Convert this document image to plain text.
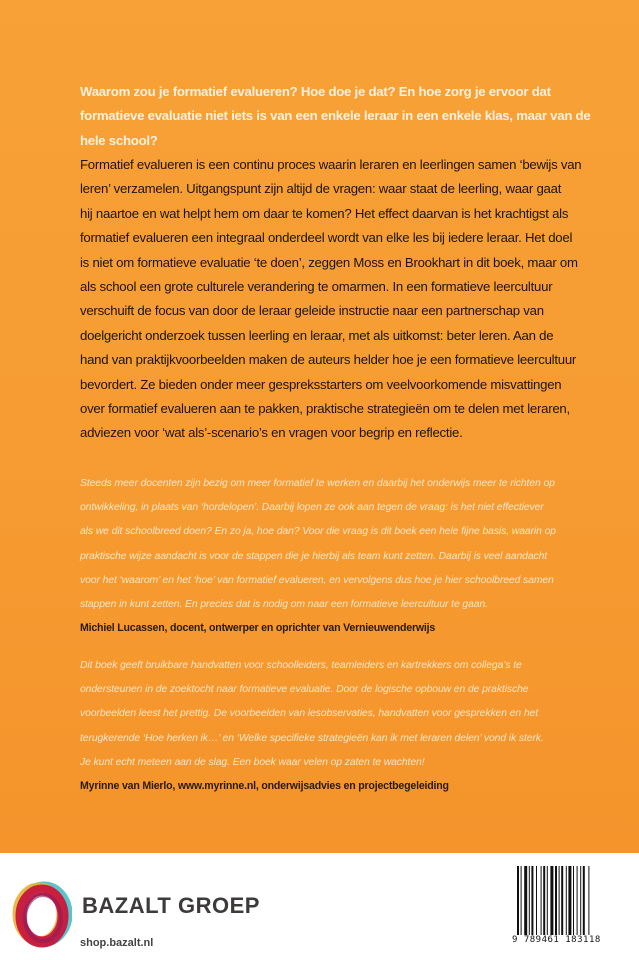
Waarom zou je formatief evalueren? Hoe doe je dat? En hoe zorg je ervoor dat
formatieve evaluatie niet iets is van een enkele leraar in een enkele klas, maar van de
hele school?
Formatief evalueren is een continu proces waarin leraren en leerlingen samen ‘bewijs van
leren’ verzamelen. Uitgangspunt zijn altijd de vragen: waar staat de leerling, waar gaat
hij naartoe en wat helpt hem om daar te komen? Het effect daarvan is het krachtigst als
formatief evalueren een integraal onderdeel wordt van elke les bij iedere leraar. Het doel
is niet om formatieve evaluatie ‘te doen’, zeggen Moss en Brookhart in dit boek, maar om
als school een grote culturele verandering te omarmen. In een formatieve leercultuur
verschuift de focus van door de leraar geleide instructie naar een partnerschap van
doelgericht onderzoek tussen leerling en leraar, met als uitkomst: beter leren. Aan de
hand van praktijkvoorbeelden maken de auteurs helder hoe je een formatieve leercultuur
bevordert. Ze bieden onder meer gespreksstarters om veelvoorkomende misvattingen
over formatief evalueren aan te pakken, praktische strategieën om te delen met leraren,
adviezen voor ‘wat als’-scenario’s en vragen voor begrip en reflectie.
Steeds meer docenten zijn bezig om meer formatief te werken en daarbij het onderwijs meer te richten op
ontwikkeling, in plaats van ‘hordelopen’. Daarbij lopen ze ook aan tegen de vraag: is het niet effectiever
als we dit schoolbreed doen? En zo ja, hoe dan? Voor die vraag is dit boek een hele fijne basis, waarin op
praktische wijze aandacht is voor de stappen die je hierbij als team kunt zetten. Daarbij is veel aandacht
voor het ‘waarom’ en het ‘hoe’ van formatief evalueren, en vervolgens dus hoe je hier schoolbreed samen
stappen in kunt zetten. En precies dat is nodig om naar een formatieve leercultuur te gaan.
Michiel Lucassen, docent, ontwerper en oprichter van Vernieuwenderwijs
Dit boek geeft bruikbare handvatten voor schoolleiders, teamleiders en kartrekkers om collega’s te
ondersteunen in de zoektocht naar formatieve evaluatie. Door de logische opbouw en de praktische
voorbeelden leest het prettig. De voorbeelden van lesobservaties, handvatten voor gesprekken en het
terugkerende ‘Hoe herken ik…’ en ‘Welke specifieke strategieën kan ik met leraren delen’ vond ik sterk.
Je kunt echt meteen aan de slag. Een boek waar velen op zaten te wachten!
Myrinne van Mierlo, www.myrinne.nl, onderwijsadvies en projectbegeleiding
BAZALT GROEP
shop.bazalt.nl	9 789461 183118
